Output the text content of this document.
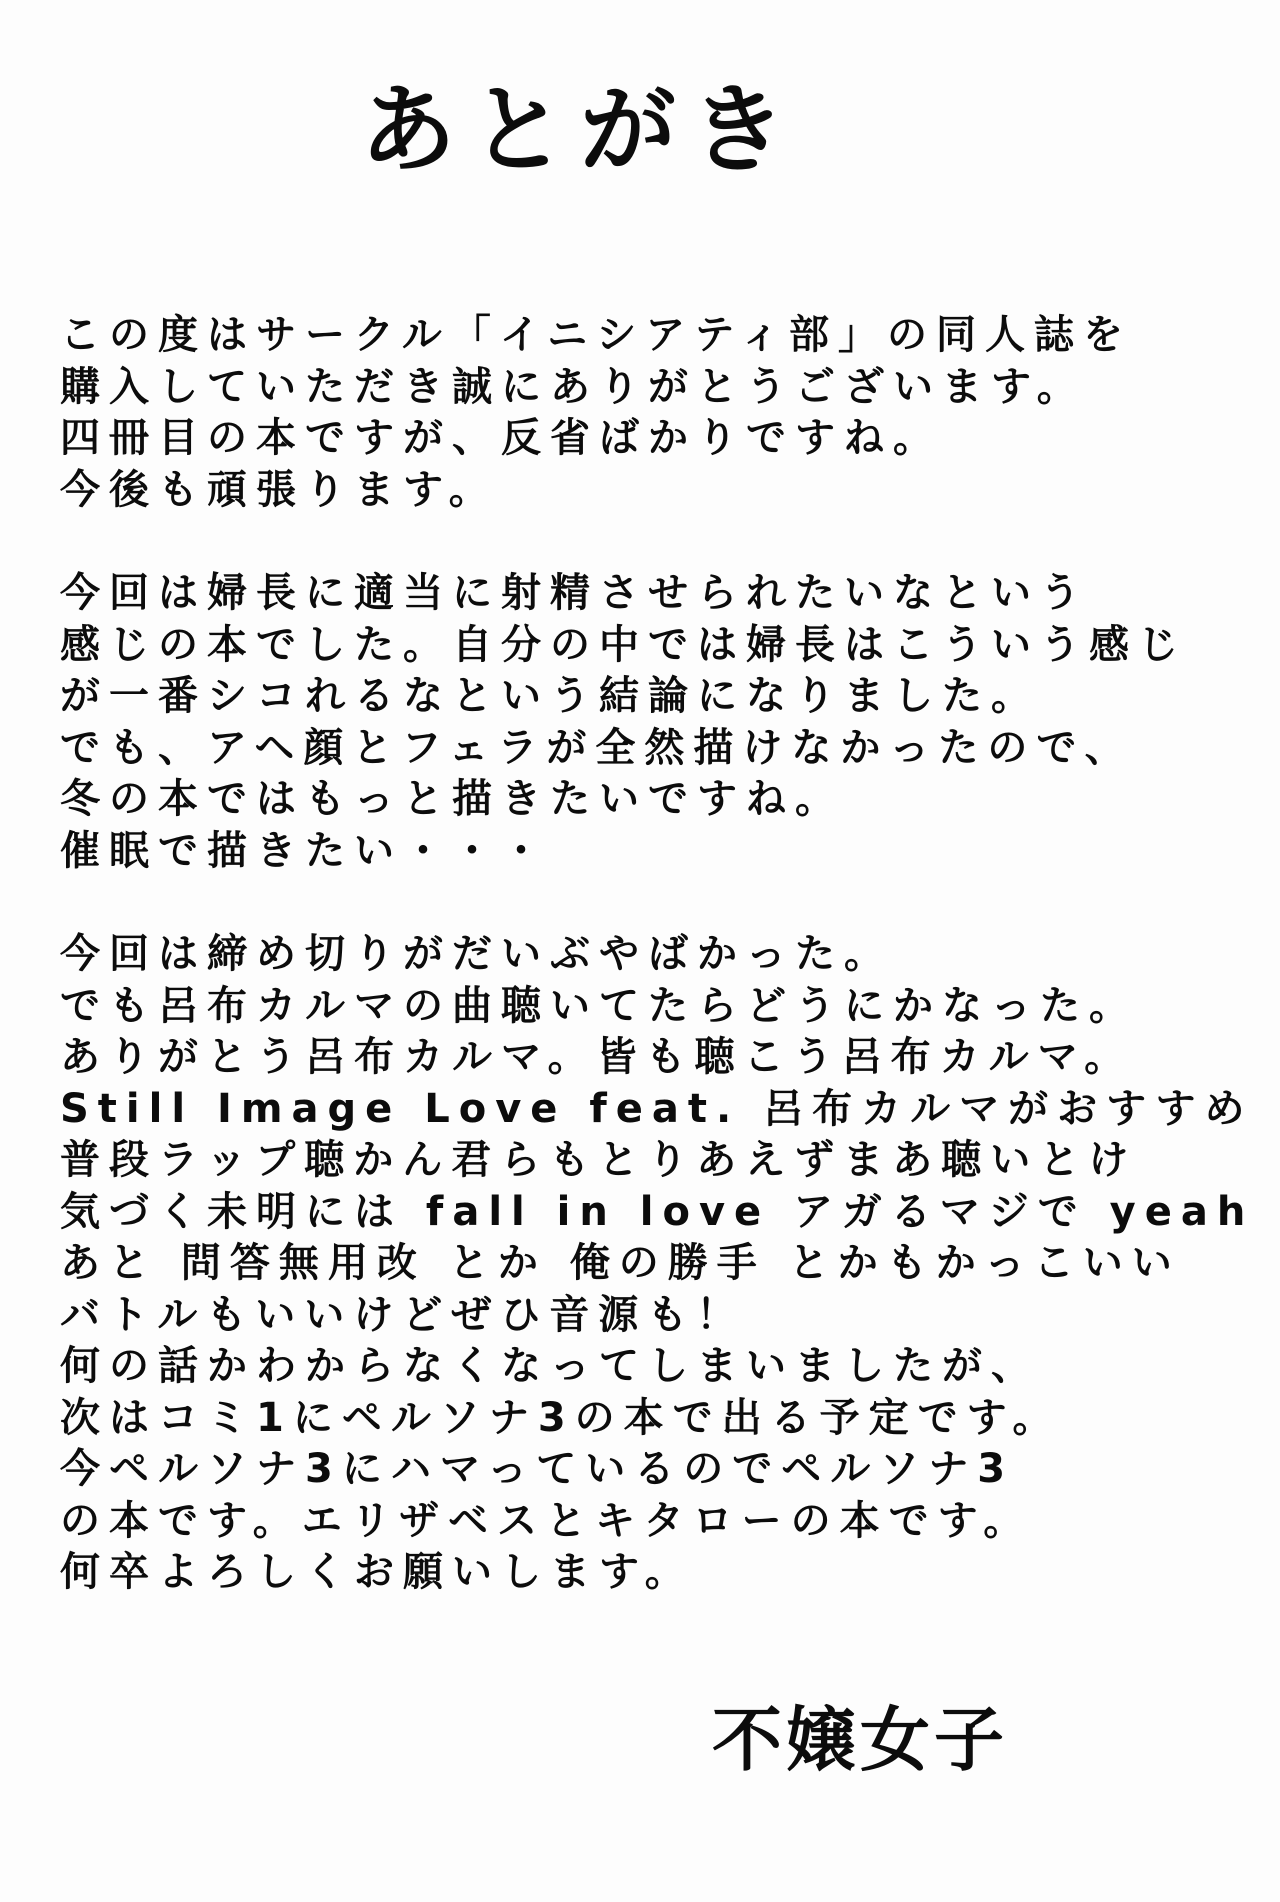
あとがき
この度はサークル「イニシアティ部」の同人誌を
購入していただき誠にありがとうございます。
四冊目の本ですが、反省ばかりですね。
今後も頑張ります。
今回は婦長に適当に射精させられたいなという
感じの本でした。自分の中では婦長はこういう感じ
が一番シコれるなという結論になりました。
でも、アヘ顔とフェラが全然描けなかったので、
冬の本ではもっと描きたいですね。
催眠で描きたい・・・
今回は締め切りがだいぶやばかった。
でも呂布カルマの曲聴いてたらどうにかなった。
ありがとう呂布カルマ。皆も聴こう呂布カルマ。
Still Image Love feat. 呂布カルマがおすすめ
普段ラップ聴かん君らもとりあえずまあ聴いとけ
気づく未明には fall in love アガるマジで yeah
あと 問答無用改 とか 俺の勝手 とかもかっこいい
バトルもいいけどぜひ音源も！
何の話かわからなくなってしまいましたが、
次はコミ1にペルソナ3の本で出る予定です。
今ペルソナ3にハマっているのでペルソナ3
の本です。エリザベスとキタローの本です。
何卒よろしくお願いします。
不嬢女子
